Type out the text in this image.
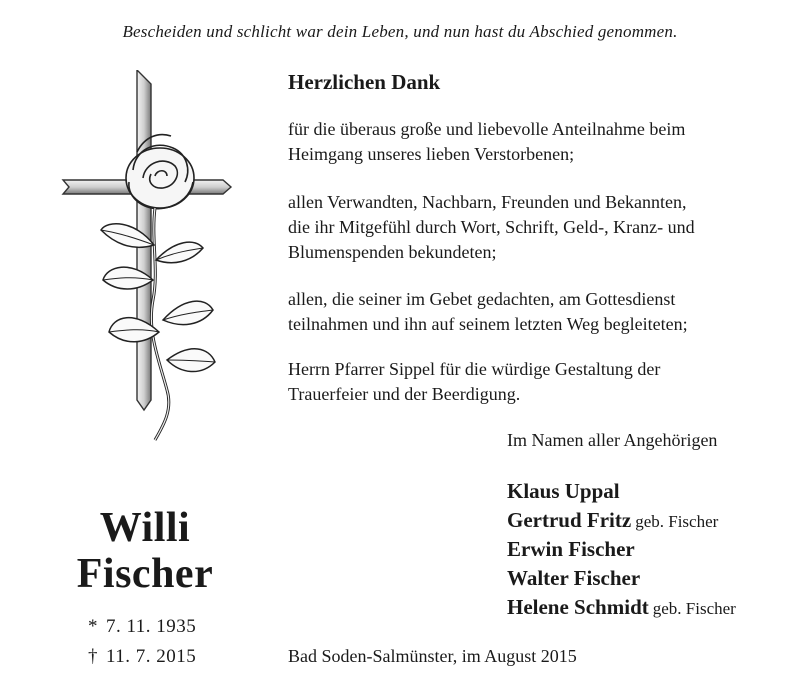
Bescheiden und schlicht war dein Leben, und nun hast du Abschied genommen.
Willi
Fischer
* 7. 11. 1935
† 11. 7. 2015
Herzlichen Dank

für die überaus große und liebevolle Anteilnahme beim
Heimgang unseres lieben Verstorbenen;

allen Verwandten, Nachbarn, Freunden und Bekannten,
die ihr Mitgefühl durch Wort, Schrift, Geld-, Kranz- und
Blumenspenden bekundeten;

allen, die seiner im Gebet gedachten, am Gottesdienst
teilnahmen und ihn auf seinem letzten Weg begleiteten;

Herrn Pfarrer Sippel für die würdige Gestaltung der
Trauerfeier und der Beerdigung.

Im Namen aller Angehörigen
Klaus Uppal
Gertrud Fritz geb. Fischer
Erwin Fischer
Walter Fischer
Helene Schmidt geb. Fischer
Bad Soden-Salmünster, im August 2015
